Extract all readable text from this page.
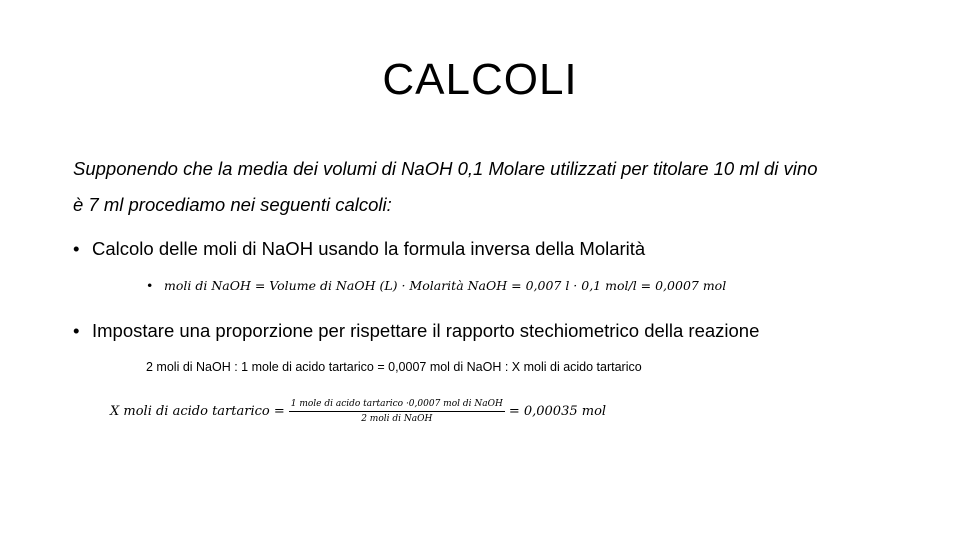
CALCOLI
Supponendo che la media dei volumi di NaOH 0,1 Molare utilizzati per titolare 10 ml di vino
è 7 ml procediamo nei seguenti calcoli:
• Calcolo delle moli di NaOH usando la formula inversa della Molarità
• moli di NaOH = Volume di NaOH (L) · Molarità NaOH = 0,007 l · 0,1 mol/l = 0,0007 mol
• Impostare una proporzione per rispettare il rapporto stechiometrico della reazione
2 moli di NaOH : 1 mole di acido tartarico = 0,0007 mol di NaOH : X moli di acido tartarico
X moli di acido tartarico = $\frac{\text{1 mole di acido tartarico ·0,0007 mol di NaOH}}{\text{2 moli di NaOH}} = 0,00035$ mol
